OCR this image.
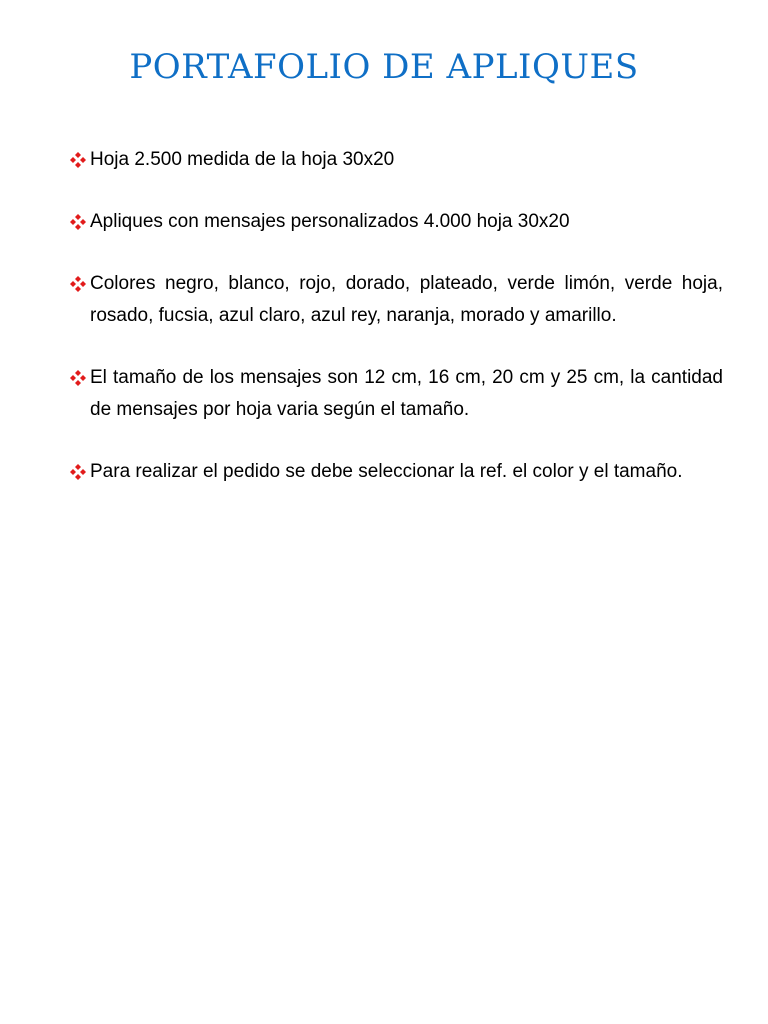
PORTAFOLIO DE APLIQUES
Hoja 2.500 medida de la hoja 30x20
Apliques con mensajes personalizados 4.000 hoja 30x20
Colores negro, blanco, rojo, dorado, plateado, verde limón, verde hoja, rosado, fucsia, azul claro, azul rey, naranja, morado y amarillo.
El tamaño de los mensajes son 12 cm, 16 cm, 20 cm y 25 cm, la cantidad de mensajes por hoja varia según el tamaño.
Para realizar el pedido se debe seleccionar la ref. el color y el tamaño.
